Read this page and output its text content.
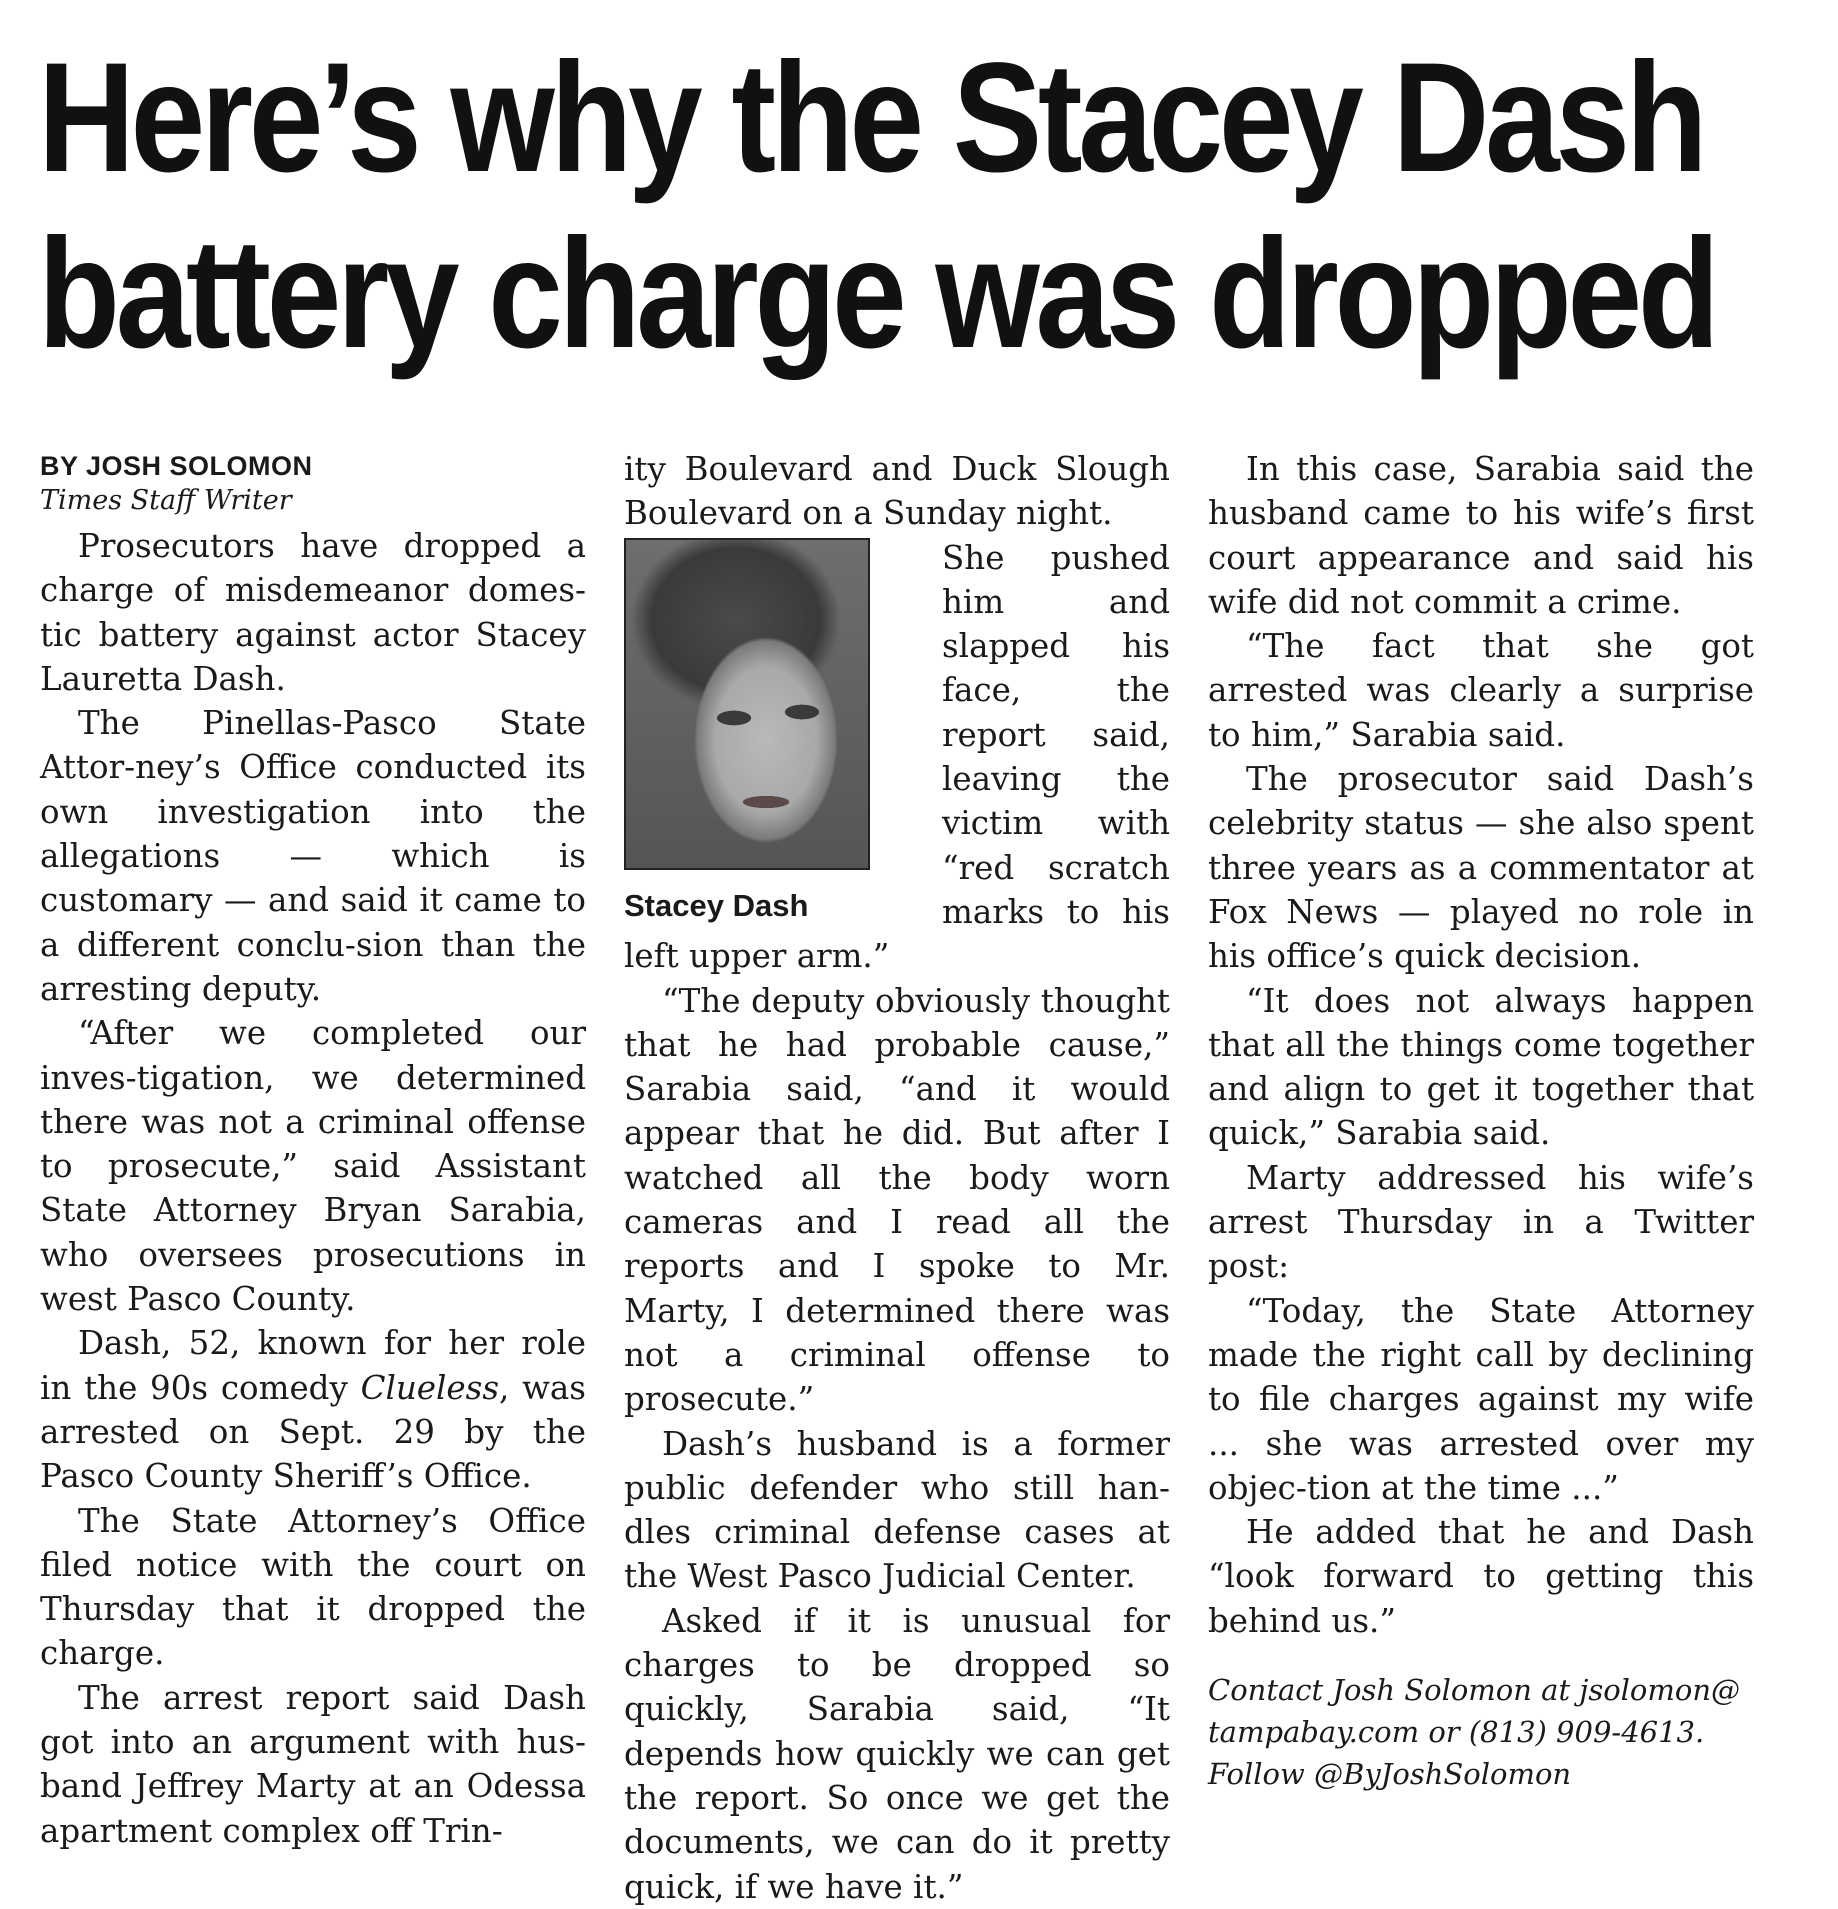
Here’s why the Stacey Dash
battery charge was dropped
BY JOSH SOLOMON
Times Staff Writer

Prosecutors have dropped a charge of misdemeanor domes-tic battery against actor Stacey Lauretta Dash.

The Pinellas-Pasco State Attor-ney’s Office conducted its own investigation into the allegations — which is customary — and said it came to a different conclu-sion than the arresting deputy.

“After we completed our inves-tigation, we determined there was not a criminal offense to prosecute,” said Assistant State Attorney Bryan Sarabia, who oversees prosecutions in west Pasco County.

Dash, 52, known for her role in the 90s comedy Clueless, was arrested on Sept. 29 by the Pasco County Sheriff’s Office.

The State Attorney’s Office filed notice with the court on Thursday that it dropped the charge.

The arrest report said Dash got into an argument with hus-band Jeffrey Marty at an Odessa apartment complex off Trin-

ity Boulevard and Duck Slough Boulevard on a Sunday night.

Stacey Dash

She pushed him and slapped his face, the report said, leaving the victim with “red scratch marks to his left upper arm.”

“The deputy obviously thought that he had probable cause,” Sarabia said, “and it would appear that he did. But after I watched all the body worn cameras and I read all the reports and I spoke to Mr. Marty, I determined there was not a criminal offense to prosecute.”

Dash’s husband is a former public defender who still han-dles criminal defense cases at the West Pasco Judicial Center.

Asked if it is unusual for charges to be dropped so quickly, Sarabia said, “It depends how quickly we can get the report. So once we get the documents, we can do it pretty quick, if we have it.”

In this case, Sarabia said the husband came to his wife’s first court appearance and said his wife did not commit a crime.

“The fact that she got arrested was clearly a surprise to him,” Sarabia said.

The prosecutor said Dash’s celebrity status — she also spent three years as a commentator at Fox News — played no role in his office’s quick decision.

“It does not always happen that all the things come together and align to get it together that quick,” Sarabia said.

Marty addressed his wife’s arrest Thursday in a Twitter post:

“Today, the State Attorney made the right call by declining to file charges against my wife ... she was arrested over my objec-tion at the time ...”

He added that he and Dash “look forward to getting this behind us.”

Contact Josh Solomon at jsolomon@
tampabay.com or (813) 909-4613.
Follow @ByJoshSolomon
